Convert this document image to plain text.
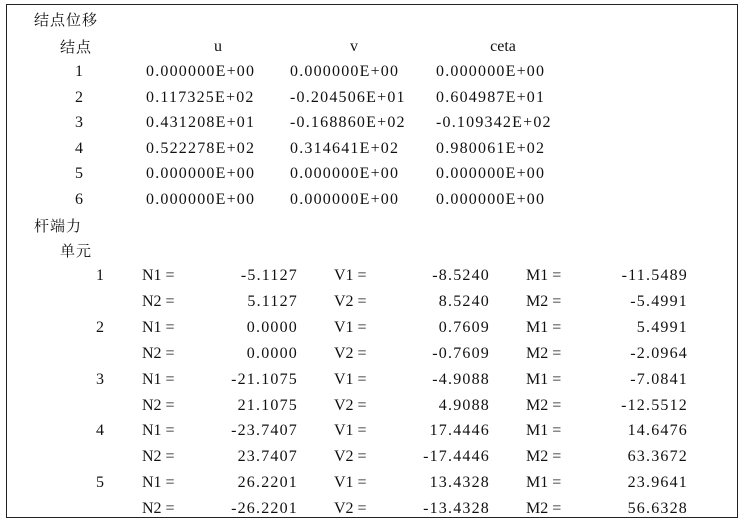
结点位移
结点	u	v	ceta
1	0.000000E+00 0.000000E+00 0.000000E+00
2	0.117325E+02 -0.204506E+01 0.604987E+01
3	0.431208E+01 -0.168860E+02 -0.109342E+02
4	0.522278E+02 0.314641E+02 0.980061E+02
5	0.000000E+00 0.000000E+00 0.000000E+00
6	0.000000E+00 0.000000E+00 0.000000E+00
杆端力
单元
1 N1 =	-5.1127 V1 =	-8.5240 M1 =	-11.5489
N2 =	5.1127 V2 =	8.5240 M2 =	-5.4991
2 N1 =	0.0000 V1 =	0.7609 M1 =	5.4991
N2 =	0.0000 V2 =	-0.7609 M2 =	-2.0964
3 N1 =	-21.1075 V1 =	-4.9088 M1 =	-7.0841
N2 =	21.1075 V2 =	4.9088 M2 =	-12.5512
4 N1 =	-23.7407 V1 =	17.4446 M1 =	14.6476
N2 =	23.7407 V2 =	-17.4446 M2 =	63.3672
5 N1 =	26.2201 V1 =	13.4328 M1 =	23.9641
N2 =	-26.2201 V2 =	-13.4328 M2 =	56.6328
